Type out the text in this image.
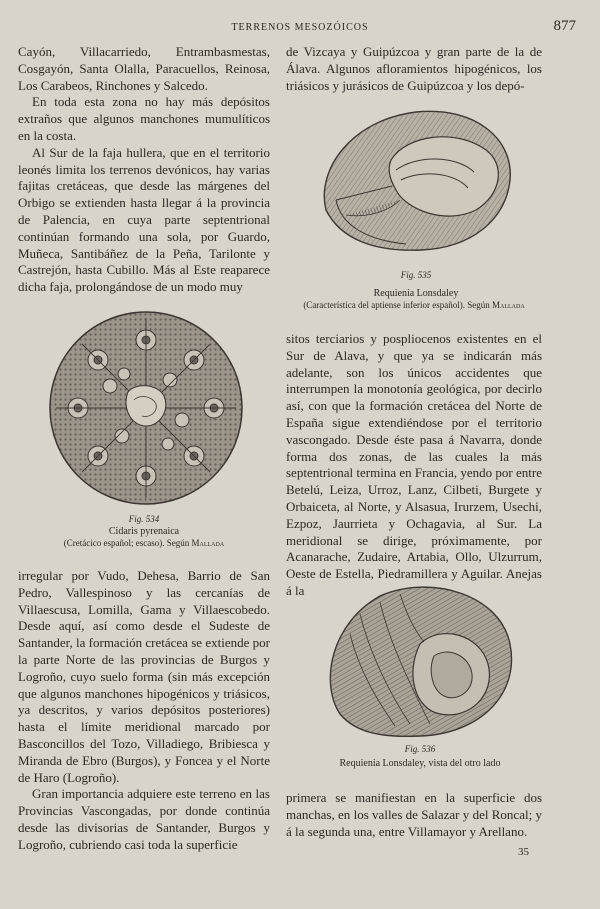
TERRENOS MESOZÓICOS	877

Cayón, Villacarriedo, Entrambasmestas, Cosgayón, Santa Olalla, Paracuellos, Reinosa, Los Carabeos, Rinchones y Salcedo.

En toda esta zona no hay más depósitos extraños que algunos manchones mumulíticos en la costa.

Al Sur de la faja hullera, que en el territorio leonés limita los terrenos devónicos, hay varias fajitas cretáceas, que desde las márgenes del Orbigo se extienden hasta llegar á la provincia de Palencia, en cuya parte septentrional continúan formando una sola, por Guardo, Muñeca, Santibáñez de la Peña, Tarilonte y Castrejón, hasta Cubillo. Más al Este reaparece dicha faja, prolongándose de un modo muy

de Vizcaya y Guipúzcoa y gran parte de la de Álava. Algunos afloramientos hipogénicos, los triásicos y jurásicos de Guipúzcoa y los depó-

Fig. 535
Requienia Lonsdaley
(Característica del aptiense inferior español). Según Mallada

sitos terciarios y pospliocenos existentes en el Sur de Alava, y que ya se indicarán más adelante, son los únicos accidentes que interrumpen la monotonía geológica, por decirlo así, con que la formación cretácea del Norte de España sigue extendiéndose por el territorio vascongado. Desde éste pasa á Navarra, donde forma dos zonas, de las cuales la más septentrional termina en Francia, yendo por entre Betelú, Leiza, Urroz, Lanz, Cilbeti, Burgete y Orbaiceta, al Norte, y Alsasua, Irurzem, Usechi, Ezpoz, Jaurrieta y Ochagavia, al Sur. La meridional se dirige, próximamente, por Acanarache, Zudaire, Artabia, Ollo, Ulzurrum, Oeste de Estella, Piedramillera y Aguilar. Anejas á la

Fig. 534
Cidaris pyrenaica
(Cretácico español; escaso). Según Mallada

irregular por Vudo, Dehesa, Barrio de San Pedro, Vallespinoso y las cercanías de Villaescusa, Lomilla, Gama y Villaescobedo. Desde aquí, así como desde el Sudeste de Santander, la formación cretácea se extiende por la parte Norte de las provincias de Burgos y Logroño, cuyo suelo forma (sin más excepción que algunos manchones hipogénicos y triásicos, ya descritos, y varios depósitos posteriores) hasta el límite meridional marcado por Basconcillos del Tozo, Villadiego, Bribiesca y Miranda de Ebro (Burgos), y Foncea y el Norte de Haro (Logroño).

Gran importancia adquiere este terreno en las Provincias Vascongadas, por donde continúa desde las divisorias de Santander, Burgos y Logroño, cubriendo casi toda la superficie

Fig. 536
Requienia Lonsdaley, vista del otro lado

primera se manifiestan en la superficie dos manchas, en los valles de Salazar y del Roncal; y á la segunda una, entre Villamayor y Arellano.

35
